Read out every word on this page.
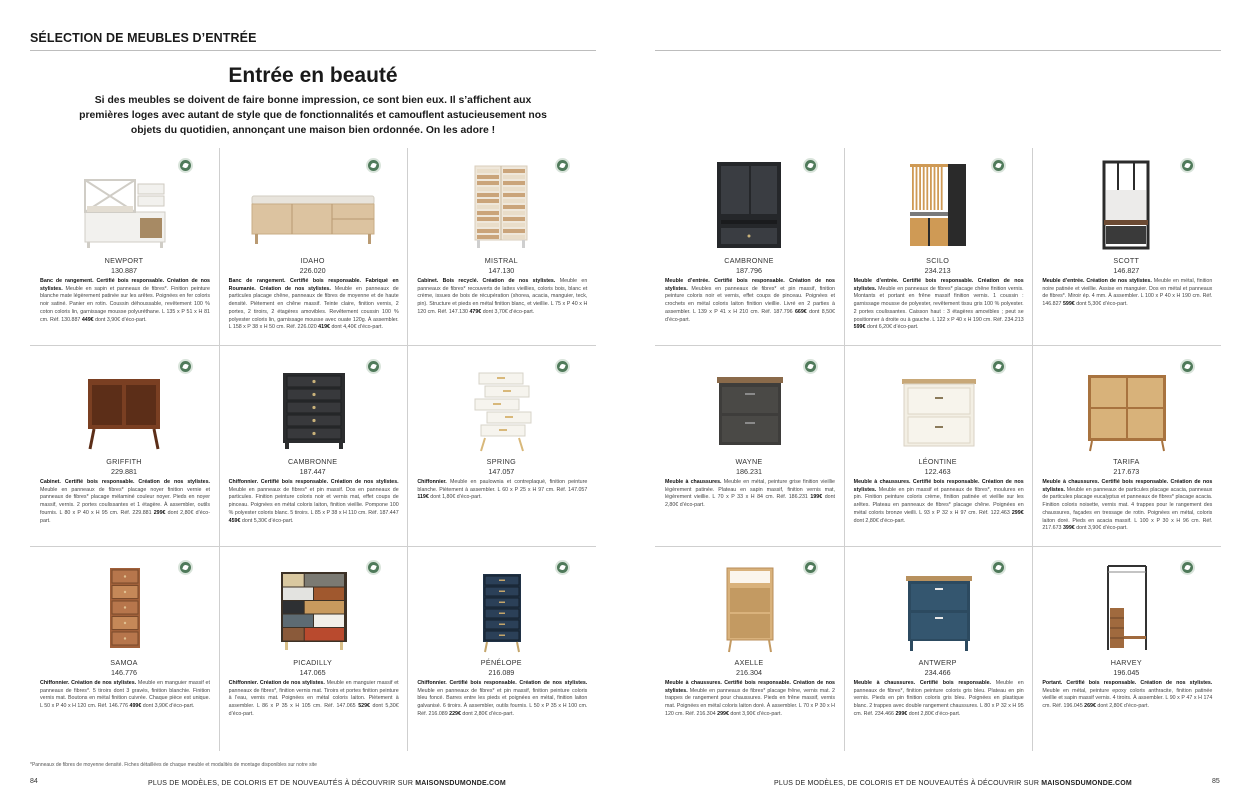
SÉLECTION DE MEUBLES D’ENTRÉE
Entrée en beauté
Si des meubles se doivent de faire bonne impression, ce sont bien eux. Il s’affichent aux premières loges avec autant de style que de fonctionnalités et camouflent astucieusement nos objets du quotidien, annonçant une maison bien ordonnée. On les adore !
NEWPORT
130.887
Banc de rangement. Certifié bois responsable. Création de nos stylistes. Meuble en sapin et panneaux de fibres*. Finition peinture blanche mate légèrement patinée sur les arêtes. Poignées en fer coloris noir satiné. Panier en rotin. Coussin déhoussable, revêtement 100 % coton coloris lin, garnissage mousse polyuréthane. L 135 x P 51 x H 81 cm. Réf. 130.887 449€ dont 3,90€ d’éco-part.
IDAHO
226.020
Banc de rangement. Certifié bois responsable. Fabriqué en Roumanie. Création de nos stylistes. Meuble en panneaux de particules placage chêne, panneaux de fibres de moyenne et de haute densité. Piètement en chêne massif. Teinte claire, finition vernis, 2 portes, 2 tiroirs, 2 étagères amovibles. Revêtement coussin 100 % polyester coloris lin, garnissage mousse avec ouate 120g. À assembler. L 158 x P 38 x H 50 cm. Réf. 226.020 419€ dont 4,40€ d’éco-part.
MISTRAL
147.130
Cabinet. Bois recyclé. Création de nos stylistes. Meuble en panneaux de fibres* recouverts de lattes vieillies, coloris bois, blanc et crème, issues de bois de récupération (shorea, acacia, manguier, teck, pin). Structure et pieds en métal finition blanc, et vieillie. L 75 x P 40 x H 120 cm. Réf. 147.130 479€ dont 3,70€ d’éco-part.
GRIFFITH
229.881
Cabinet. Certifié bois responsable. Création de nos stylistes. Meuble en panneaux de fibres* placage noyer finition vernie et panneaux de fibres* placage mélaminé couleur noyer. Pieds en noyer massif, vernis. 2 portes coulissantes et 1 étagère. À assembler, outils fournis. L 80 x P 40 x H 95 cm. Réf. 229.881 299€ dont 2,80€ d’éco-part.
CAMBRONNE
187.447
Chiffonnier. Certifié bois responsable. Création de nos stylistes. Meuble en panneaux de fibres* et pin massif. Dos en panneaux de particules. Finition peinture coloris noir et vernis mat, effet coups de pinceau. Poignées en métal coloris laiton, finition vieillie. Pompone 100 % polyester coloris blanc. 5 tiroirs. L 85 x P 38 x H 110 cm. Réf. 187.447 459€ dont 5,30€ d’éco-part.
SPRING
147.057
Chiffonnier. Meuble en paulownia et contreplaqué, finition peinture blanche. Piètement à assembler. L 60 x P 25 x H 97 cm. Réf. 147.057 119€ dont 1,80€ d’éco-part.
SAMOA
146.776
Chiffonnier. Création de nos stylistes. Meuble en manguier massif et panneaux de fibres*. 5 tiroirs dont 3 gravés, finition blanchie. Finition vernis mat. Boutons en métal finition cuivrée. Chaque pièce est unique. L 50 x P 40 x H 120 cm. Réf. 146.776 499€ dont 3,90€ d’éco-part.
PICADILLY
147.065
Chiffonnier. Création de nos stylistes. Meuble en manguier massif et panneaux de fibres*, finition vernis mat. Tiroirs et portes finition peinture à l’eau, vernis mat. Poignées en métal coloris laiton. Piètement à assembler. L 86 x P 35 x H 105 cm. Réf. 147.065 529€ dont 5,30€ d’éco-part.
PÉNÉLOPE
216.089
Chiffonnier. Certifié bois responsable. Création de nos stylistes. Meuble en panneaux de fibres* et pin massif, finition peinture coloris bleu foncé. Barres entre les pieds et poignées en métal, finition laiton galvanisé. 6 tiroirs. À assembler, outils fournis. L 50 x P 35 x H 100 cm. Réf. 216.089 229€ dont 2,80€ d’éco-part.
*Panneaux de fibres de moyenne densité. Fiches détaillées de chaque meuble et modalités de montage disponibles sur notre site
84	PLUS DE MODÈLES, DE COLORIS ET DE NOUVEAUTÉS À DÉCOUVRIR SUR MAISONSDUMONDE.COM
CAMBRONNE
187.796
Meuble d’entrée. Certifié bois responsable. Création de nos stylistes. Meubles en panneaux de fibres* et pin massif, finition peinture coloris noir et vernis, effet coups de pinceau. Poignées et crochets en métal coloris laiton finition vieillie. Livré en 2 parties à assembler. L 139 x P 41 x H 210 cm. Réf. 187.796 669€ dont 8,50€ d’éco-part.
SCILO
234.213
Meuble d’entrée. Certifié bois responsable. Création de nos stylistes. Meuble en panneaux de fibres* placage chêne finition vernis. Montants et portant en frêne massif finition vernis. 1 coussin : garnissage mousse de polyester, revêtement tissu gris 100 % polyester. 2 portes coulissantes. Caisson haut : 3 étagères amovibles ; peut se positionner à droite ou à gauche. L 122 x P 40 x H 190 cm. Réf. 234.213 599€ dont 6,20€ d’éco-part.
SCOTT
146.827
Meuble d’entrée. Création de nos stylistes. Meuble en métal, finition noire patinée et vieillie. Assise en manguier. Dos en métal et panneaux de fibres*. Miroir ép. 4 mm. À assembler. L 100 x P 40 x H 190 cm. Réf. 146.827 599€ dont 5,30€ d’éco-part.
WAYNE
186.231
Meuble à chaussures. Meuble en métal, peinture grise finition vieillie légèrement patinée. Plateau en sapin massif, finition vernis mat, légèrement vieillie. L 70 x P 33 x H 84 cm. Réf. 186.231 199€ dont 2,80€ d’éco-part.
LÉONTINE
122.463
Meuble à chaussures. Certifié bois responsable. Création de nos stylistes. Meuble en pin massif et panneaux de fibres*, moulures en pin. Finition peinture coloris crème, finition patinée et vieillie sur les arêtes. Plateau en panneaux de fibres* placage chêne. Poignées en métal coloris bronze vieilli. L 93 x P 32 x H 97 cm. Réf. 122.463 299€ dont 2,80€ d’éco-part.
TARIFA
217.673
Meuble à chaussures. Certifié bois responsable. Création de nos stylistes. Meuble en panneaux de particules placage acacia, panneaux de particules placage eucalyptus et panneaux de fibres* placage acacia. Finition coloris noisette, vernis mat. 4 trappes pour le rangement des chaussures, façades en tressage de rotin. Poignées en métal, coloris laiton doré. Pieds en acacia massif. L 100 x P 30 x H 96 cm. Réf. 217.673 399€ dont 3,90€ d’éco-part.
AXELLE
216.304
Meuble à chaussures. Certifié bois responsable. Création de nos stylistes. Meuble en panneaux de fibres* placage frêne, vernis mat. 2 trappes de rangement pour chaussures. Pieds en frêne massif, vernis mat. Poignées en métal coloris laiton doré. À assembler. L 70 x P 30 x H 120 cm. Réf. 216.304 299€ dont 3,90€ d’éco-part.
ANTWERP
234.466
Meuble à chaussures. Certifié bois responsable. Meuble en panneaux de fibres*, finition peinture coloris gris bleu. Plateau en pin vernis. Pieds en pin finition coloris gris bleu. Poignées en plastique blanc. 2 trappes avec double rangement chaussures. L 80 x P 32 x H 95 cm. Réf. 234.466 299€ dont 2,80€ d’éco-part.
HARVEY
196.045
Portant. Certifié bois responsable. Création de nos stylistes. Meuble en métal, peinture epoxy coloris anthracite, finition patinée vieillie et sapin massif vernis. 4 tiroirs. À assembler. L 90 x P 47 x H 174 cm. Réf. 196.045 269€ dont 2,80€ d’éco-part.
PLUS DE MODÈLES, DE COLORIS ET DE NOUVEAUTÉS À DÉCOUVRIR SUR MAISONSDUMONDE.COM	85
